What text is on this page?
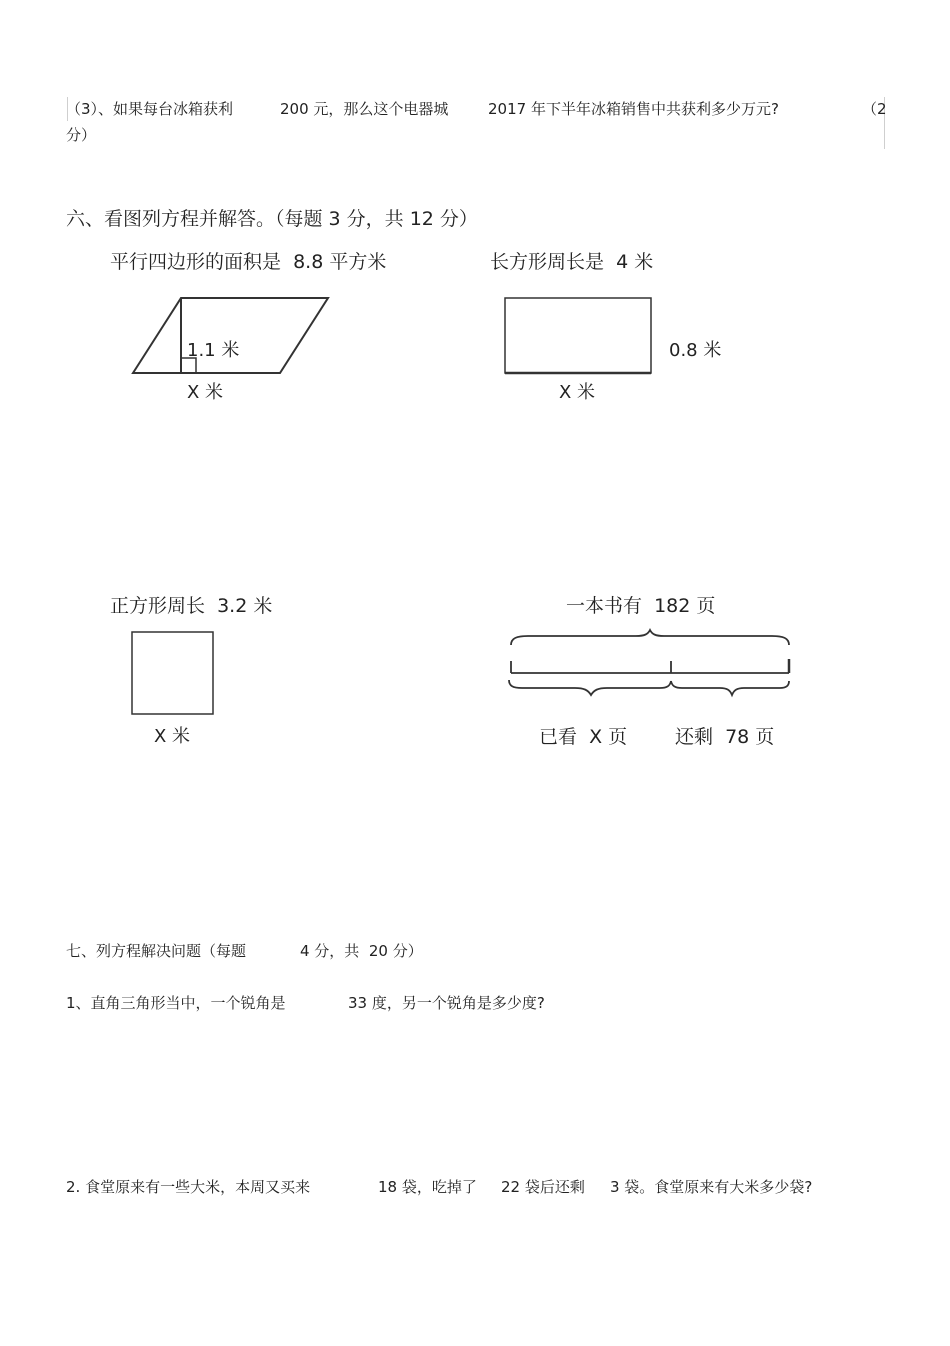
（3）、如果每台冰箱获利	200 元，那么这个电器城	2017 年下半年冰箱销售中共获利多少万元?	（2
分）
六、看图列方程并解答。（每题 3 分，共 12 分）
平行四边形的面积是  8.8 平方米	长方形周长是  4 米
1.1 米
X 米
0.8 米
X 米
正方形周长  3.2 米	一本书有  182 页
X 米	已看  X 页	还剩  78 页
七、列方程解决问题（每题	4 分，共  20 分）
1、直角三角形当中，一个锐角是	33 度，另一个锐角是多少度?
2. 食堂原来有一些大米，本周又买来	18 袋，吃掉了 22 袋后还剩 3 袋。食堂原来有大米多少袋?
